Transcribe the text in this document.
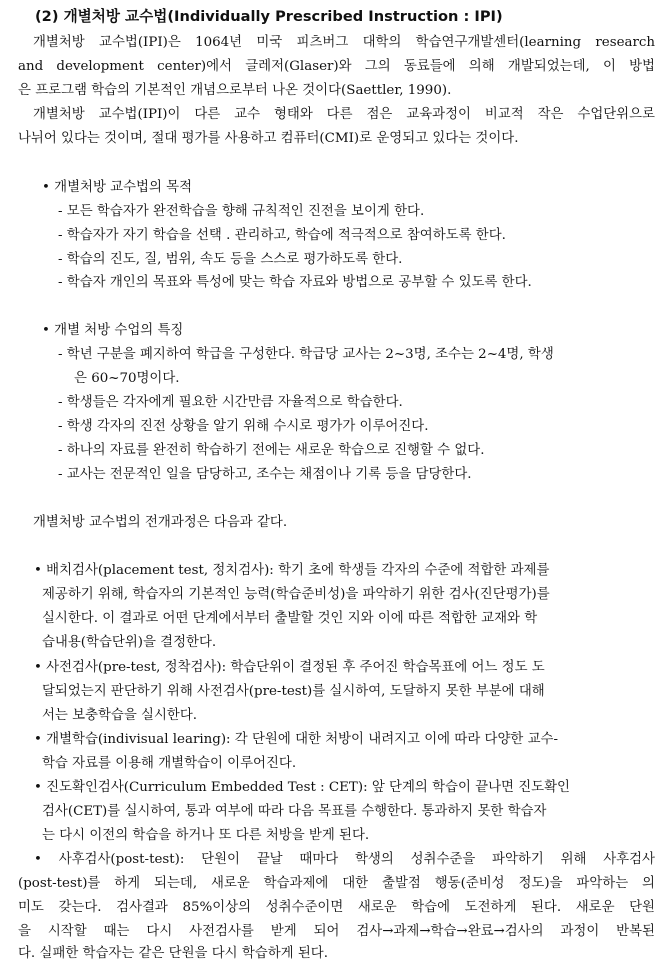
(2) 개별처방 교수법(Individually Prescribed Instruction : IPI)
개별처방 교수법(IPI)은 1064년 미국 피츠버그 대학의 학습연구개발센터(learning research
and development center)에서 글레저(Glaser)와 그의 동료들에 의해 개발되었는데, 이 방법
은 프로그램 학습의 기본적인 개념으로부터 나온 것이다(Saettler, 1990).
개별처방 교수법(IPI)이 다른 교수 형태와 다른 점은 교육과정이 비교적 작은 수업단위으로
나뉘어 있다는 것이며, 절대 평가를 사용하고 컴퓨터(CMI)로 운영되고 있다는 것이다.
• 개별처방 교수법의 목적
- 모든 학습자가 완전학습을 향해 규칙적인 진전을 보이게 한다.
- 학습자가 자기 학습을 선택 . 관리하고, 학습에 적극적으로 참여하도록 한다.
- 학습의 진도, 질, 범위, 속도 등을 스스로 평가하도록 한다.
- 학습자 개인의 목표와 특성에 맞는 학습 자료와 방법으로 공부할 수 있도록 한다.
• 개별 처방 수업의 특징
- 학년 구분을 폐지하여 학급을 구성한다. 학급당 교사는 2~3명, 조수는 2~4명, 학생
은 60~70명이다.
- 학생들은 각자에게 필요한 시간만큼 자율적으로 학습한다.
- 학생 각자의 진전 상황을 알기 위해 수시로 평가가 이루어진다.
- 하나의 자료를 완전히 학습하기 전에는 새로운 학습으로 진행할 수 없다.
- 교사는 전문적인 일을 담당하고, 조수는 채점이나 기록 등을 담당한다.
개별처방 교수법의 전개과정은 다음과 같다.
• 배치검사(placement test, 정치검사): 학기 초에 학생들 각자의 수준에 적합한 과제를
제공하기 위해, 학습자의 기본적인 능력(학습준비성)을 파악하기 위한 검사(진단평가)를
실시한다. 이 결과로 어떤 단계에서부터 출발할 것인 지와 이에 따른 적합한 교재와 학
습내용(학습단위)을 결정한다.
• 사전검사(pre-test, 정착검사): 학습단위이 결정된 후 주어진 학습목표에 어느 정도 도
달되었는지 판단하기 위해 사전검사(pre-test)를 실시하여, 도달하지 못한 부분에 대해
서는 보충학습을 실시한다.
• 개별학습(indivisual learing): 각 단원에 대한 처방이 내려지고 이에 따라 다양한 교수-
학습 자료를 이용해 개별학습이 이루어진다.
• 진도확인검사(Curriculum Embedded Test : CET): 앞 단계의 학습이 끝나면 진도확인
검사(CET)를 실시하여, 통과 여부에 따라 다음 목표를 수행한다. 통과하지 못한 학습자
는 다시 이전의 학습을 하거나 또 다른 처방을 받게 된다.
• 사후검사(post-test): 단원이 끝날 때마다 학생의 성취수준을 파악하기 위해 사후검사
(post-test)를 하게 되는데, 새로운 학습과제에 대한 출발점 행동(준비성 정도)을 파악하는 의
미도 갖는다. 검사결과 85%이상의 성취수준이면 새로운 학습에 도전하게 된다. 새로운 단원
을 시작할 때는 다시 사전검사를 받게 되어 검사→과제→학습→완료→검사의 과정이 반복된
다. 실패한 학습자는 같은 단원을 다시 학습하게 된다.
